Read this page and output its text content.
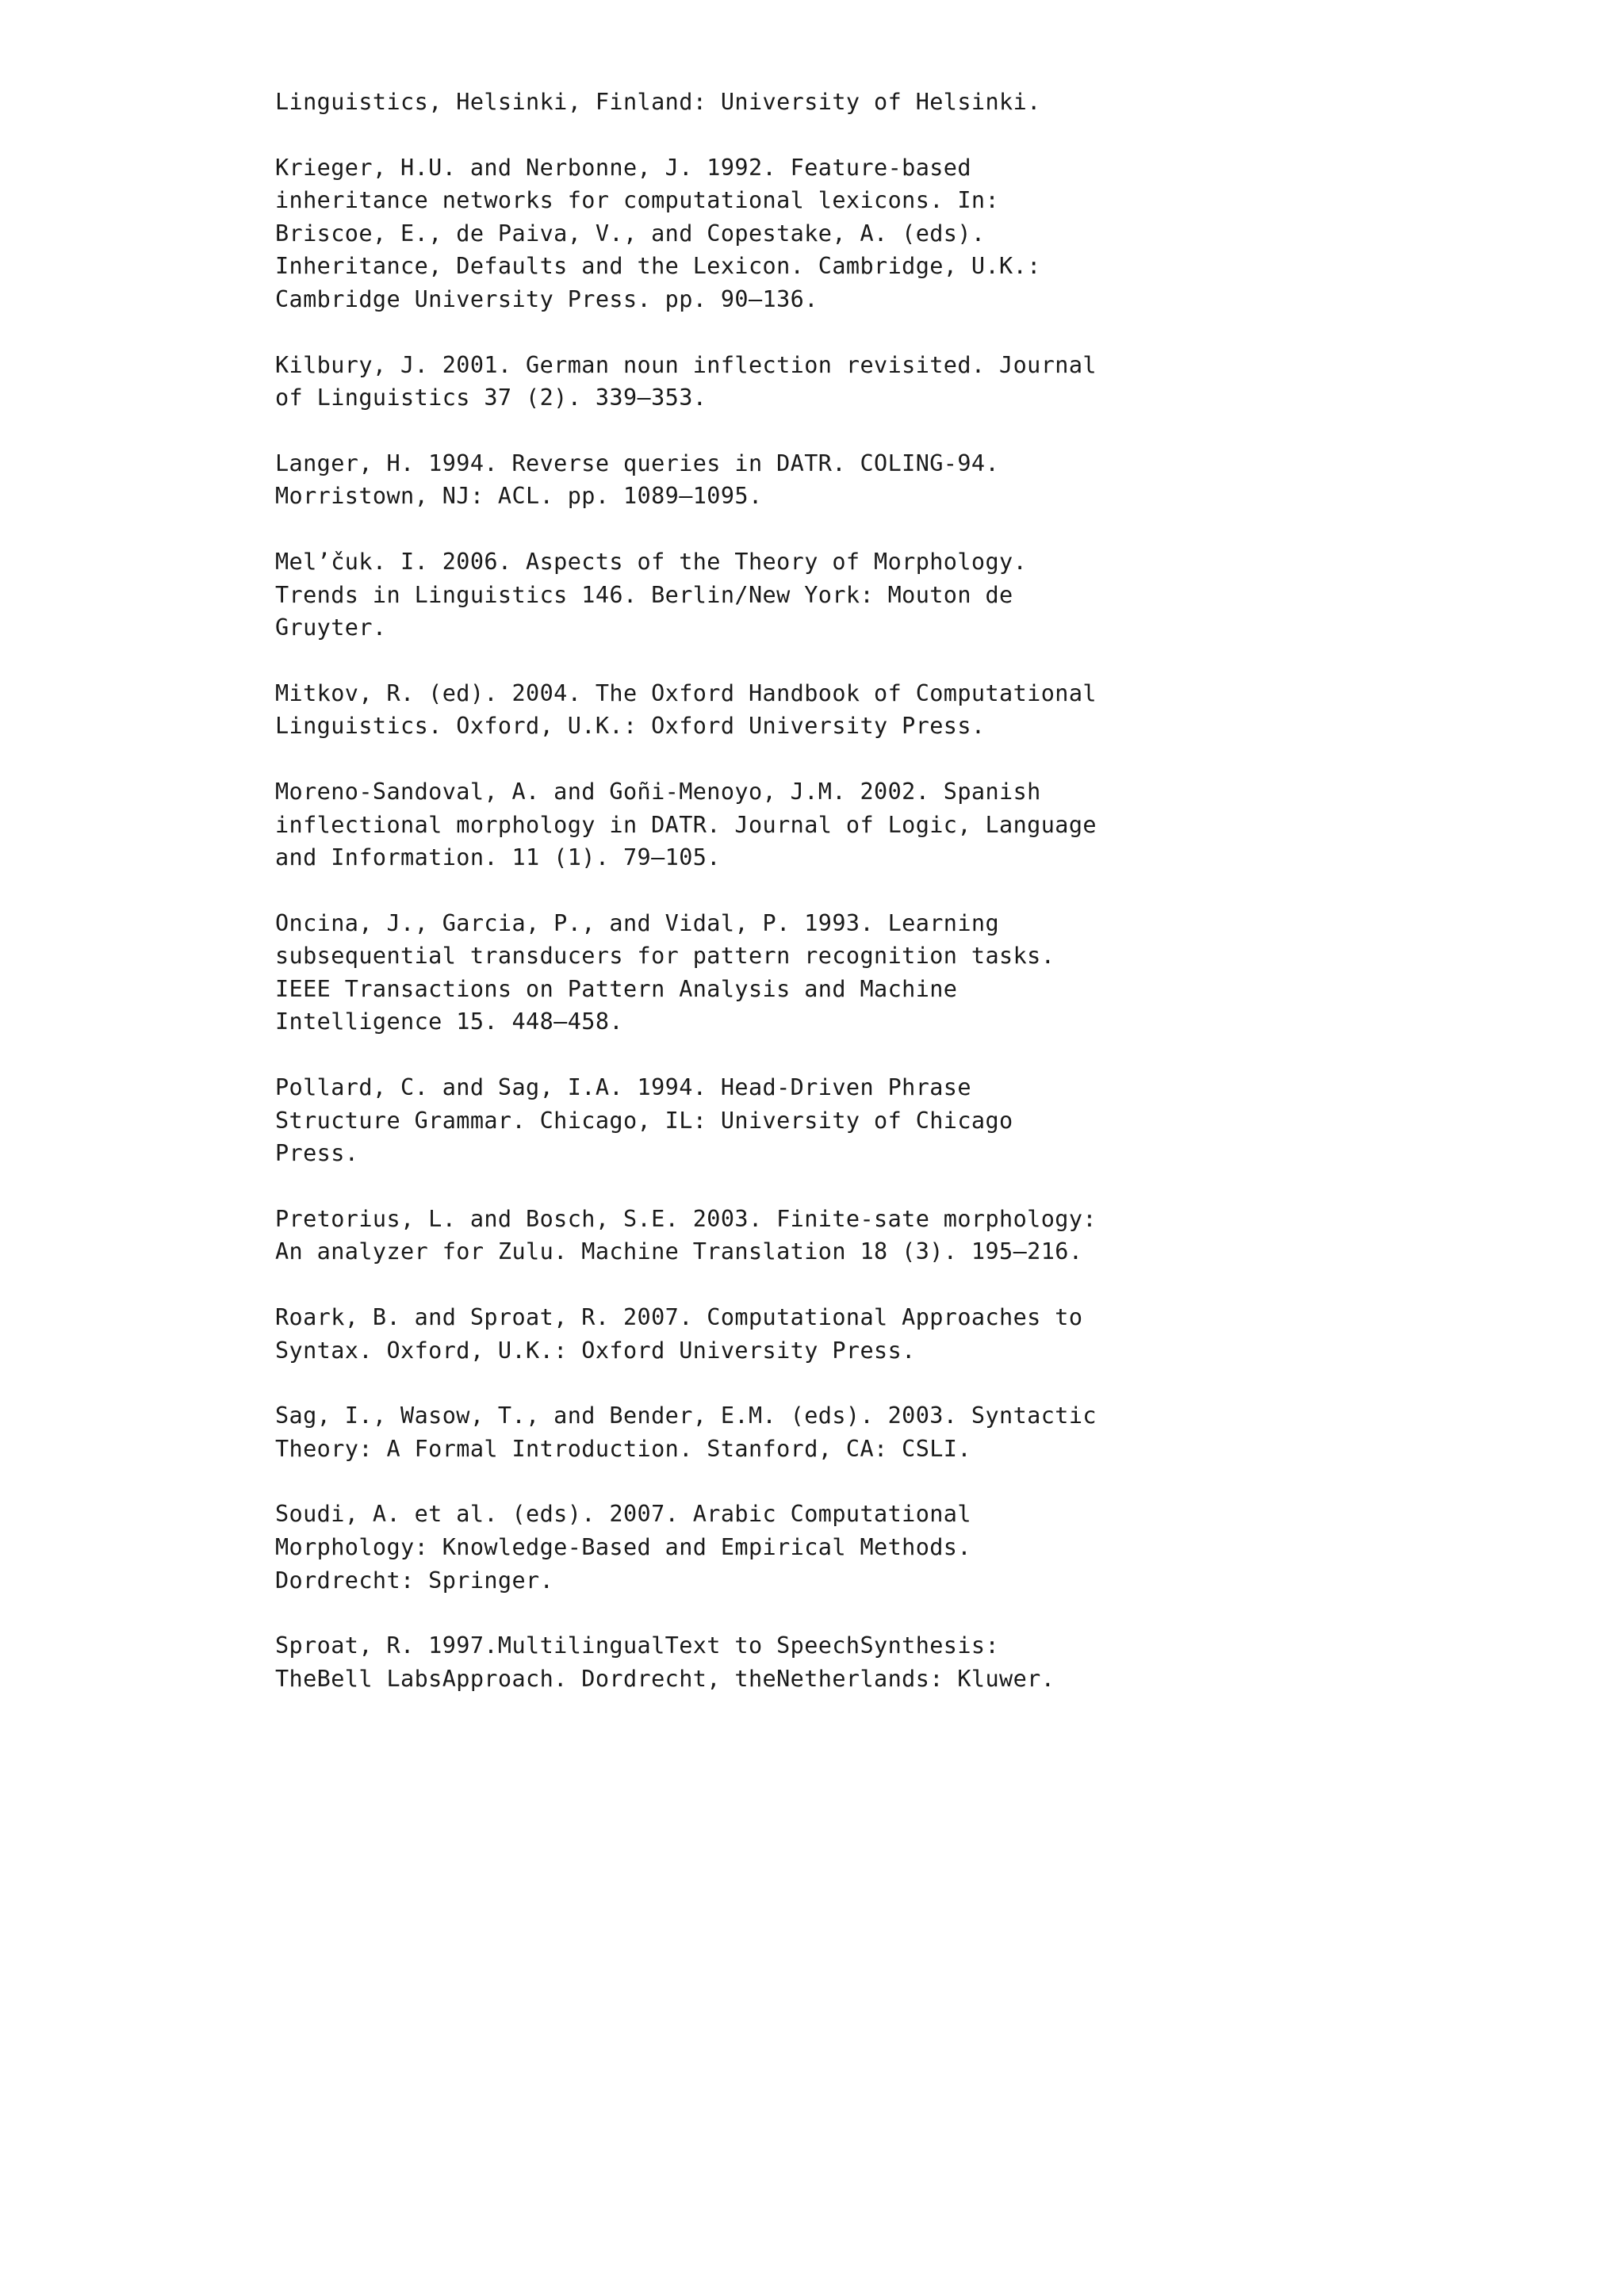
Linguistics, Helsinki, Finland: University of Helsinki.
Krieger, H.U. and Nerbonne, J. 1992. Feature-based
inheritance networks for computational lexicons. In:
Briscoe, E., de Paiva, V., and Copestake, A. (eds).
Inheritance, Defaults and the Lexicon. Cambridge, U.K.:
Cambridge University Press. pp. 90–136.
Kilbury, J. 2001. German noun inflection revisited. Journal
of Linguistics 37 (2). 339–353.
Langer, H. 1994. Reverse queries in DATR. COLING-94.
Morristown, NJ: ACL. pp. 1089–1095.
Mel’čuk. I. 2006. Aspects of the Theory of Morphology.
Trends in Linguistics 146. Berlin/New York: Mouton de
Gruyter.
Mitkov, R. (ed). 2004. The Oxford Handbook of Computational
Linguistics. Oxford, U.K.: Oxford University Press.
Moreno-Sandoval, A. and Goñi-Menoyo, J.M. 2002. Spanish
inflectional morphology in DATR. Journal of Logic, Language
and Information. 11 (1). 79–105.
Oncina, J., Garcia, P., and Vidal, P. 1993. Learning
subsequential transducers for pattern recognition tasks.
IEEE Transactions on Pattern Analysis and Machine
Intelligence 15. 448–458.
Pollard, C. and Sag, I.A. 1994. Head-Driven Phrase
Structure Grammar. Chicago, IL: University of Chicago
Press.
Pretorius, L. and Bosch, S.E. 2003. Finite-sate morphology:
An analyzer for Zulu. Machine Translation 18 (3). 195–216.
Roark, B. and Sproat, R. 2007. Computational Approaches to
Syntax. Oxford, U.K.: Oxford University Press.
Sag, I., Wasow, T., and Bender, E.M. (eds). 2003. Syntactic
Theory: A Formal Introduction. Stanford, CA: CSLI.
Soudi, A. et al. (eds). 2007. Arabic Computational
Morphology: Knowledge-Based and Empirical Methods.
Dordrecht: Springer.
Sproat, R. 1997.MultilingualText to SpeechSynthesis:
TheBell LabsApproach. Dordrecht, theNetherlands: Kluwer.
